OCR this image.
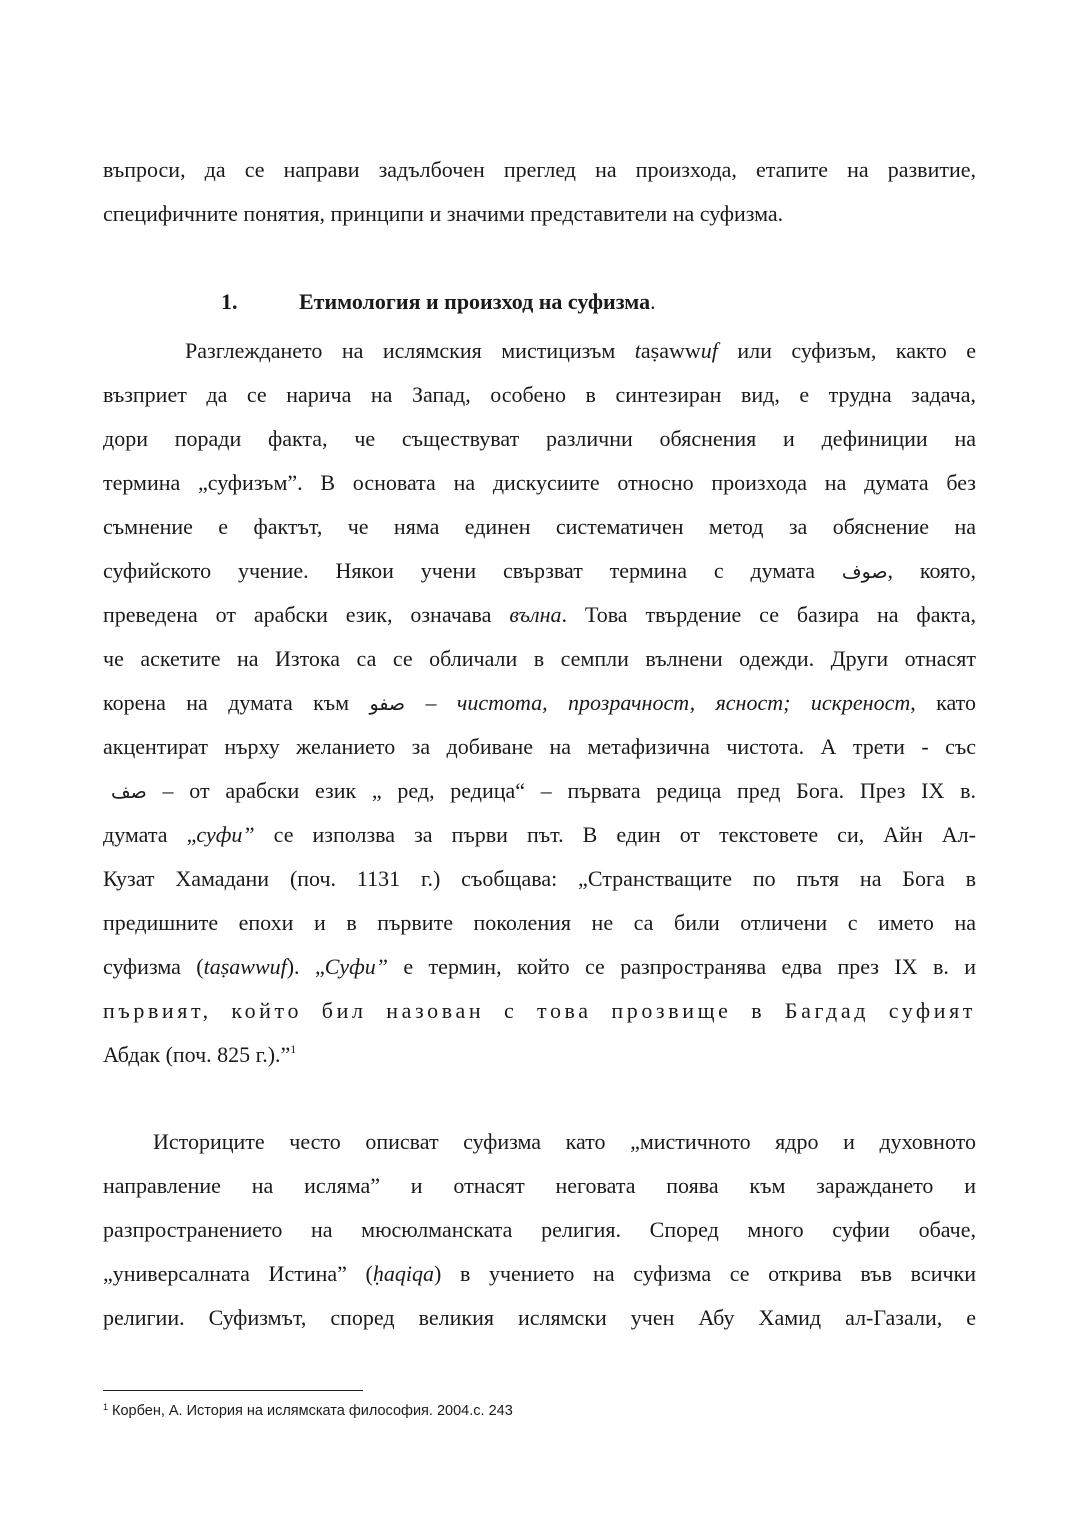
въпроси, да се направи задълбочен преглед на произхода, етапите на развитие,
специфичните понятия, принципи и значими представители на суфизма.
1.	Етимология и произход на суфизма.
Разглеждането на ислямския мистицизъм taṣawwuf или суфизъм, както е
възприет да се нарича на Запад, особено в синтезиран вид, е трудна задача,
дори поради факта, че съществуват различни обяснения и дефиниции на
термина „суфизъм”. В основата на дискусиите относно произхода на думата без
съмнение е фактът, че няма единен систематичен метод за обяснение на
суфийското учение. Някои учени свързват термина с думата صوف, която,
преведена от арабски език, означава вълна. Това твърдение се базира на факта,
че аскетите на Изтока са се обличали в семпли вълнени одежди. Други отнасят
корена на думата към صفو – чистота, прозрачност, ясност; искреност, като
акцентират нърху желанието за добиване на метафизична чистота. А трети - със
صف – от арабски език „ ред, редица“ – първата редица пред Бога. През IX в.
думата „суфи” се използва за първи път. В един от текстовете си, Айн Ал-
Кузат Хамадани (поч. 1131 г.) съобщава: „Странстващите по пътя на Бога в
предишните епохи и в първите поколения не са били отличени с името на
суфизма (taṣawwuf). „Суфи” е термин, който се разпространява едва през IX в. и
първият, който бил назован с това прозвище в Багдад суфият
Абдак (поч. 825 г.).”$^1$
Историците често описват суфизма като „мистичното ядро и духовното
направление на исляма” и отнасят неговата поява към зараждането и
разпространението на мюсюлманската религия. Според много суфии обаче,
„универсалната Истина” (ḥaqiqa) в учението на суфизма се открива във всички
религии. Суфизмът, според великия ислямски учен Абу Хамид ал-Газали, е
$^1$ Корбен, А. История на ислямската философия. 2004.с. 243
